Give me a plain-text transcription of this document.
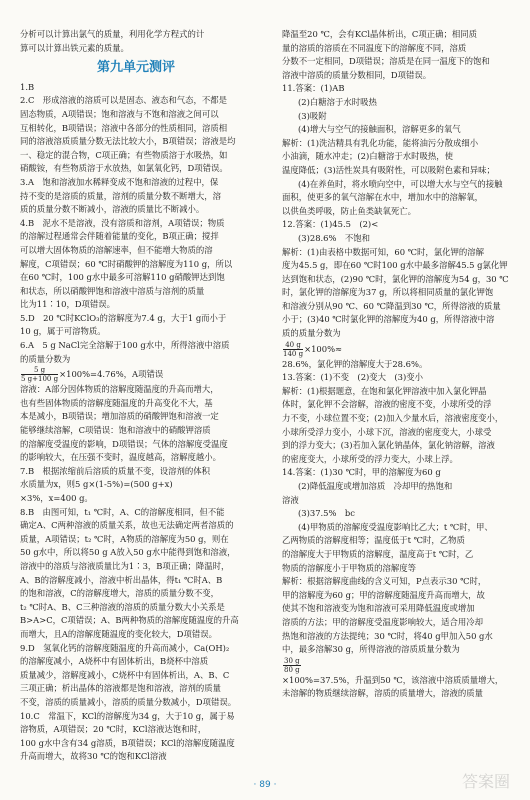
分析可以计算出氯气的质量，利用化学方程式的计

算可以计算出铁元素的质量。

第九单元测评

1.B

2.C　形成溶液的溶质可以是固态、液态和气态，不都是

固态物质，A项错误；饱和溶液与不饱和溶液之间可以

互相转化，B项错误；溶液中各部分的性质相同，溶质相

同的溶液溶质质量分数无法比较大小，B项错误；溶液是均

一、稳定的混合物，C项正确；有些物质溶于水吸热，如

硝酸铵，有些物质溶于水放热，如氯氧化钙，D项错误。

3.A　饱和溶液加水稀释变成不饱和溶液的过程中，保

持不变的是溶质的质量，溶剂的质量分数不断增大，溶

质的质量分数不断减小，溶液的质量比不断减小。

4.B　泥水不是溶液，没有溶质和溶剂，A项错误；物质

的溶解过程通常会伴随着能量的变化，B项正确；搅拌

可以增大固体物质的溶解速率，但不能增大物质的溶

解度，C项错误；60 ℃时硝酸钾的溶解度为110 g，所以

在60 ℃时，100 g水中最多可溶解110 g硝酸钾达到饱

和状态，所以硝酸钾饱和溶液中溶质与溶剂的质量

比为11∶10，D项错误。

5.D　20 ℃时KClO₃的溶解度为7.4 g，大于1 g而小于

10 g，属于可溶物质。

6.A　5 g NaCl完全溶解于100 g水中，所得溶液中溶质

的质量分数为

$\frac{5 g}{5 g+100 g} \times 100\%=4.76\%$，A项错误

溶液：A部分因体物质的溶解度随温度的升高而增大，

也有些固体物质的溶解度随温度的升高变化不大，基

本是减小，B项错误；增加溶质的硝酸钾饱和溶液一定

能够继续溶解，C项错误：饱和溶液中的硝酸钾溶质

的溶解度受温度的影响，D项错误；气体的溶解度受温度

的影响较大，在压强不变时，温度越高，溶解度越小。

7.B　根据浓缩前后溶质的质量不变，设溶剂的体积

水质量为x，则5 g×(1-5%)=(500 g+x)

×3%，x=400 g。

8.B　由图可知，t₁ ℃时，A、C的溶解度相同，但不能

确定A、C两种溶液的质量关系，故也无法确定两者溶质的

质量，A项错误；t₂ ℃时，A物质的溶解度为50 g，则在

50 g水中，所以将50 g A放入50 g水中能得到饱和溶液，

溶液中的溶质与溶液质量比为1∶3，B项正确；降温时，

A、B的溶解度减小，溶液中析出晶体，得t₁ ℃时A、B

的饱和溶液，C的溶解度增大，溶质的质量分数不变，

t₂ ℃时A、B、C三种溶液的溶质的质量分数大小关系是

B>A>C，C项错误；A、B两种物质的溶解度随温度的升高

而增大，且A的溶解度随温度的变化较大，D项错误。

9.D　氢氧化钙的溶解度随温度的升高而减小，Ca(OH)₂

的溶解度减小，A烧杯中有固体析出，B烧杯中溶质

质量减少，溶解度减小，C烧杯中有固体析出，A、B、C

三项正确；析出晶体的溶液都是饱和溶液，溶剂的质量

不变，溶质的质量减小，溶质的质量分数减小，D项错误。

10.C　常温下，KCl的溶解度为34 g，大于10 g，属于易

溶物质，A项错误；20 ℃时，KCl溶液达饱和时，

100 g水中含有34 g溶质，B项错误；KCl的溶解度随温度

升高而增大，故将30 ℃的饱和KCl溶液

降温至20 ℃，会有KCl晶体析出，C项正确；相同质

量的溶质的溶质在不同温度下的溶解度不同，溶质

分数不一定相同，D项错误；溶质是在同一温度下的饱和

溶液中溶质的质量分数相同，D项错误。

11.答案：(1)AB

(2)白糖溶于水时吸热

(3)吸附

(4)增大与空气的接触面积，溶解更多的氧气

解析：(1)洗洁精具有乳化功能，能将油污分散成细小

小油滴，随水冲走；(2)白糖溶于水时吸热，使

温度降低；(3)活性炭具有吸附性，可以吸附色素和异味；

(4)在养鱼时，将水喷向空中，可以增大水与空气的接触

面积，使更多的氧气溶解在水中，增加水中的溶解氧，

以供鱼类呼吸，防止鱼类缺氧死亡。

12.答案：(1)45.5　(2)<

(3)28.6%　不饱和

解析：(1)由表格中数据可知，60 ℃时，氯化钾的溶解

度为45.5 g，即在60 ℃时100 g水中最多溶解45.5 g氯化钾

达到饱和状态，(2)90 ℃时，氯化钾的溶解度为54 g，30 ℃

时，氯化钾的溶解度为37 g，所以将相同质量的氯化钾饱

和溶液分别从90 ℃、60 ℃降温到30 ℃，所得溶液的质量

小于；(3)40 ℃时氯化钾的溶解度为40 g，所得溶液中溶

质的质量分数为

$\frac{40 g}{140 g} \times 100\%\approx$

28.6%，氯化钾的溶解度大于28.6%。

13.答案：(1)不变　(2)变大　(3)变小

解析：(1)根据题意，在饱和氯化钾溶液中加入氯化钾晶

体时，氯化钾不会溶解，溶液的密度不变，小球所受的浮

力不变，小球位置不变；(2)加入少量水后，溶液密度变小，

小球所受浮力变小，小球下沉，溶液的密度变大，小球受

到的浮力变大；(3)若加入氯化钠晶体，氯化钠溶解，溶液

的密度变大，小球所受的浮力变大，小球上浮。

14.答案：(1)30 ℃时，甲的溶解度为60 g

(2)降低温度或增加溶质　冷却甲的热饱和

溶液

(3)37.5%　bc

(4)甲物质的溶解度受温度影响比乙大；t ℃时，甲、

乙两物质的溶解度相等；温度低于t ℃时，乙物质

的溶解度大于甲物质的溶解度，温度高于t ℃时，乙

物质的溶解度小于甲物质的溶解度等

解析：根据溶解度曲线的含义可知，P点表示30 ℃时，

甲的溶解度为60 g；甲的溶解度随温度升高而增大，故

使其不饱和溶液变为饱和溶液可采用降低温度或增加

溶质的方法；甲的溶解度受温度影响较大，适合用冷却

热饱和溶液的方法提纯；30 ℃时，将40 g甲加入50 g水

中，最多溶解30 g，所得溶液的溶质质量分数为

$\frac{30 g}{80 g}$

×100%=37.5%，升温到50 ℃，该溶液中溶质质量增大，

未溶解的物质继续溶解，溶质的质量增大，溶液的质量

· 89 ·	答案圈
